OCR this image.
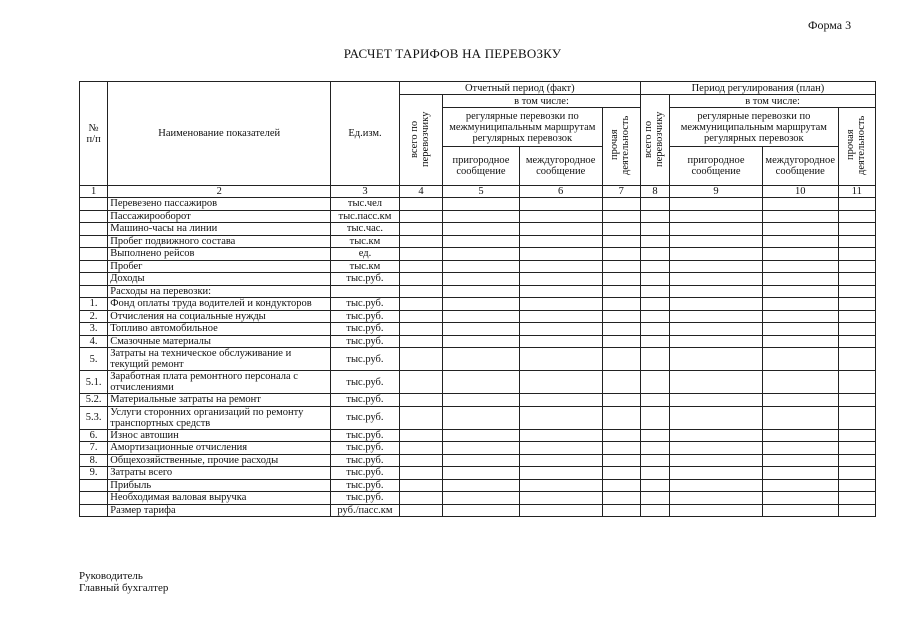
Форма 3
РАСЧЕТ ТАРИФОВ НА ПЕРЕВОЗКУ
№
п/п	Наименование показателей	Ед.изм.	Отчетный период (факт)				Период регулирования (план)			
			всего по перевозчику	в том числе:			всего по перевозчику	в том числе:		
				регулярные перевозки по межмуниципальным маршрутам регулярных перевозок		прочая деятельность		регулярные перевозки по межмуниципальным маршрутам регулярных перевозок		прочая деятельность
				пригородное сообщение	междугородное сообщение			пригородное сообщение	междугородное сообщение	
1	2	3	4	5	6	7	8	9	10	11
	Перевезено пассажиров	тыс.чел								
	Пассажирооборот	тыс.пасс.км								
	Машино-часы на линии	тыс.час.								
	Пробег подвижного состава	тыс.км								
	Выполнено рейсов	ед.								
	Пробег	тыс.км								
	Доходы	тыс.руб.								
	Расходы на перевозки:									
1.	Фонд оплаты труда водителей и кондукторов	тыс.руб.								
2.	Отчисления на социальные нужды	тыс.руб.								
3.	Топливо автомобильное	тыс.руб.								
4.	Смазочные материалы	тыс.руб.								
5.	Затраты на техническое обслуживание и текущий ремонт	тыс.руб.								
5.1.	Заработная плата ремонтного персонала с отчислениями	тыс.руб.								
5.2.	Материальные затраты на ремонт	тыс.руб.								
5.3.	Услуги сторонних организаций по ремонту транспортных средств	тыс.руб.								
6.	Износ автошин	тыс.руб.								
7.	Амортизационные отчисления	тыс.руб.								
8.	Общехозяйственные, прочие расходы	тыс.руб.								
9.	Затраты всего	тыс.руб.								
	Прибыль	тыс.руб.								
	Необходимая валовая выручка	тыс.руб.								
	Размер тарифа	руб./пасс.км								
Руководитель
Главный бухгалтер
